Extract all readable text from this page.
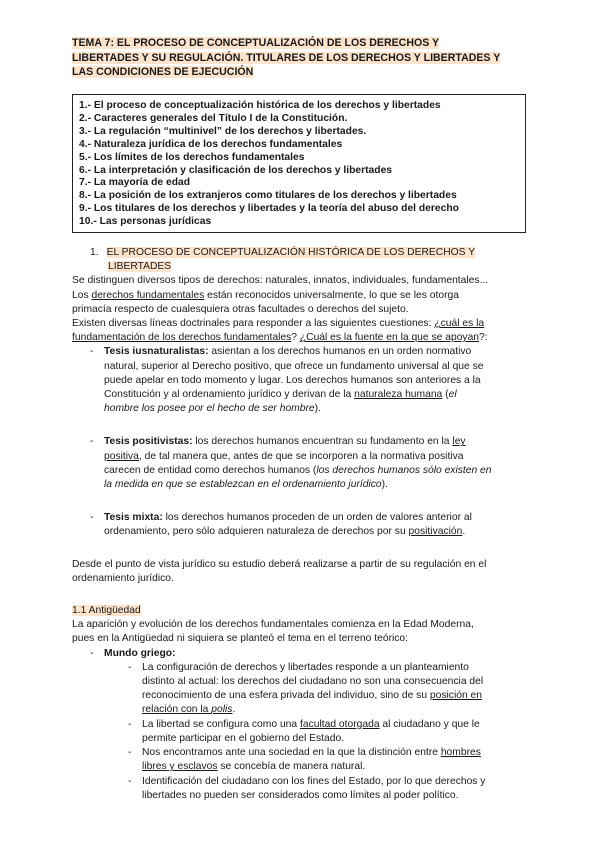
TEMA 7: EL PROCESO DE CONCEPTUALIZACIÓN DE LOS DERECHOS Y
LIBERTADES Y SU REGULACIÓN. TITULARES DE LOS DERECHOS Y LIBERTADES Y
LAS CONDICIONES DE EJECUCIÓN
1.- El proceso de conceptualización histórica de los derechos y libertades
2.- Caracteres generales del Título I de la Constitución.
3.- La regulación “multinivel” de los derechos y libertades.
4.- Naturaleza jurídica de los derechos fundamentales
5.- Los límites de los derechos fundamentales
6.- La interpretación y clasificación de los derechos y libertades
7.- La mayoría de edad
8.- La posición de los extranjeros como titulares de los derechos y libertades
9.- Los titulares de los derechos y libertades y la teoría del abuso del derecho
10.- Las personas jurídicas
1. EL PROCESO DE CONCEPTUALIZACIÓN HISTÓRICA DE LOS DERECHOS Y
LIBERTADES
Se distinguen diversos tipos de derechos: naturales, innatos, individuales, fundamentales...
Los derechos fundamentales están reconocidos universalmente, lo que se les otorga
primacía respecto de cualesquiera otras facultades o derechos del sujeto.
Existen diversas líneas doctrinales para responder a las siguientes cuestiones: ¿cuál es la
fundamentación de los derechos fundamentales? ¿Cuál es la fuente en la que se apoyan?:
- Tesis iusnaturalistas: asientan a los derechos humanos en un orden normativo
natural, superior al Derecho positivo, que ofrece un fundamento universal al que se
puede apelar en todo momento y lugar. Los derechos humanos son anteriores a la
Constitución y al ordenamiento jurídico y derivan de la naturaleza humana (el
hombre los posee por el hecho de ser hombre).
- Tesis positivistas: los derechos humanos encuentran su fundamento en la ley
positiva, de tal manera que, antes de que se incorporen a la normativa positiva
carecen de entidad como derechos humanos (los derechos humanos sólo existen en
la medida en que se establezcan en el ordenamiento jurídico).
- Tesis mixta: los derechos humanos proceden de un orden de valores anterior al
ordenamiento, pero sólo adquieren naturaleza de derechos por su positivación.
Desde el punto de vista jurídico su estudio deberá realizarse a partir de su regulación en el
ordenamiento jurídico.
1.1 Antigüedad
La aparición y evolución de los derechos fundamentales comienza en la Edad Moderna,
pues en la Antigüedad ni siquiera se planteó el tema en el terreno teórico:
- Mundo griego:
- La configuración de derechos y libertades responde a un planteamiento
distinto al actual: los derechos del ciudadano no son una consecuencia del
reconocimiento de una esfera privada del individuo, sino de su posición en
relación con la polis.
- La libertad se configura como una facultad otorgada al ciudadano y que le
permite participar en el gobierno del Estado.
- Nos encontramos ante una sociedad en la que la distinción entre hombres
libres y esclavos se concebía de manera natural.
- Identificación del ciudadano con los fines del Estado, por lo que derechos y
libertades no pueden ser considerados como límites al poder político.
